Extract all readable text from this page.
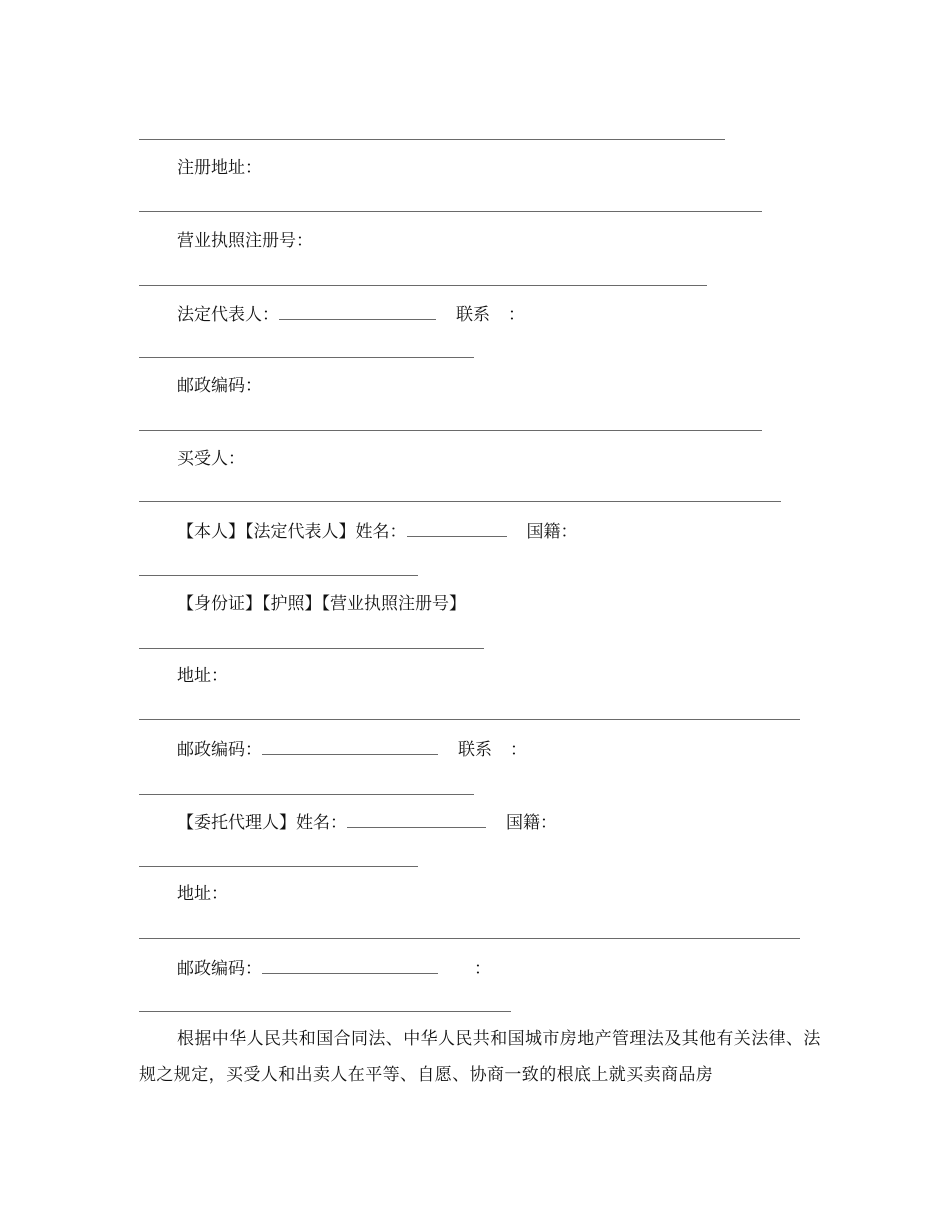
注册地址：
营业执照注册号：
法定代表人：	联系 ：
邮政编码：
买受人：
【本人】【法定代表人】姓名：	国籍：
【身份证】【护照】【营业执照注册号】
地址：
邮政编码：	联系 ：
【委托代理人】姓名：	国籍：
地址：
邮政编码：	：
根据中华人民共和国合同法、中华人民共和国城市房地产管理法及其他有关法律、法规之规定，买受人和出卖人在平等、自愿、协商一致的根底上就买卖商品房
